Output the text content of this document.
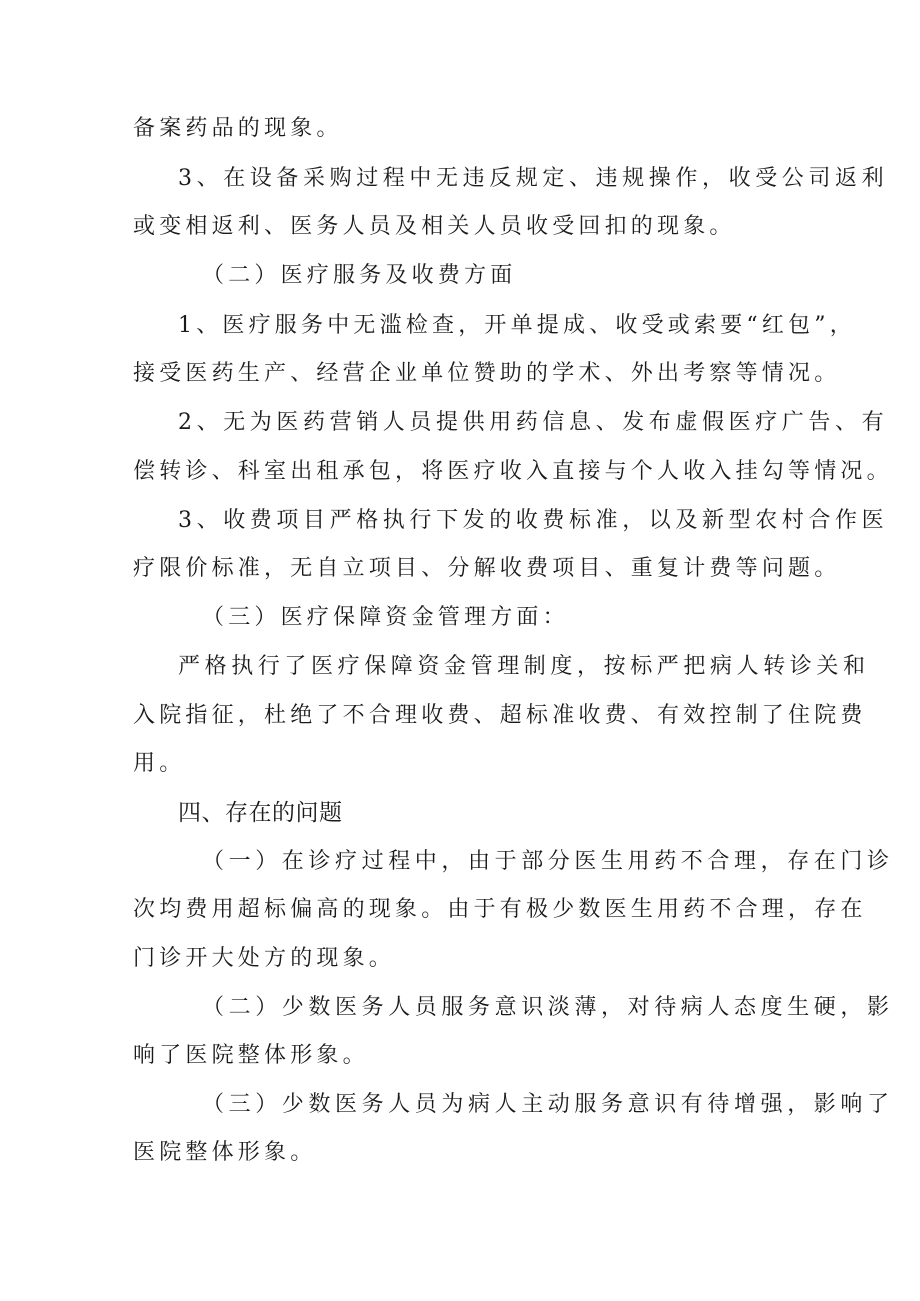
备案药品的现象。

3、在设备采购过程中无违反规定、违规操作，收受公司返利

或变相返利、医务人员及相关人员收受回扣的现象。

（二）医疗服务及收费方面

1、医疗服务中无滥检查，开单提成、收受或索要“红包”，

接受医药生产、经营企业单位赞助的学术、外出考察等情况。

2、无为医药营销人员提供用药信息、发布虚假医疗广告、有

偿转诊、科室出租承包，将医疗收入直接与个人收入挂勾等情况。

3、收费项目严格执行下发的收费标准，以及新型农村合作医

疗限价标准，无自立项目、分解收费项目、重复计费等问题。

（三）医疗保障资金管理方面：

严格执行了医疗保障资金管理制度，按标严把病人转诊关和

入院指征，杜绝了不合理收费、超标准收费、有效控制了住院费

用。

四、存在的问题

（一）在诊疗过程中，由于部分医生用药不合理，存在门诊

次均费用超标偏高的现象。由于有极少数医生用药不合理，存在

门诊开大处方的现象。

（二）少数医务人员服务意识淡薄，对待病人态度生硬，影

响了医院整体形象。

（三）少数医务人员为病人主动服务意识有待增强，影响了

医院整体形象。
